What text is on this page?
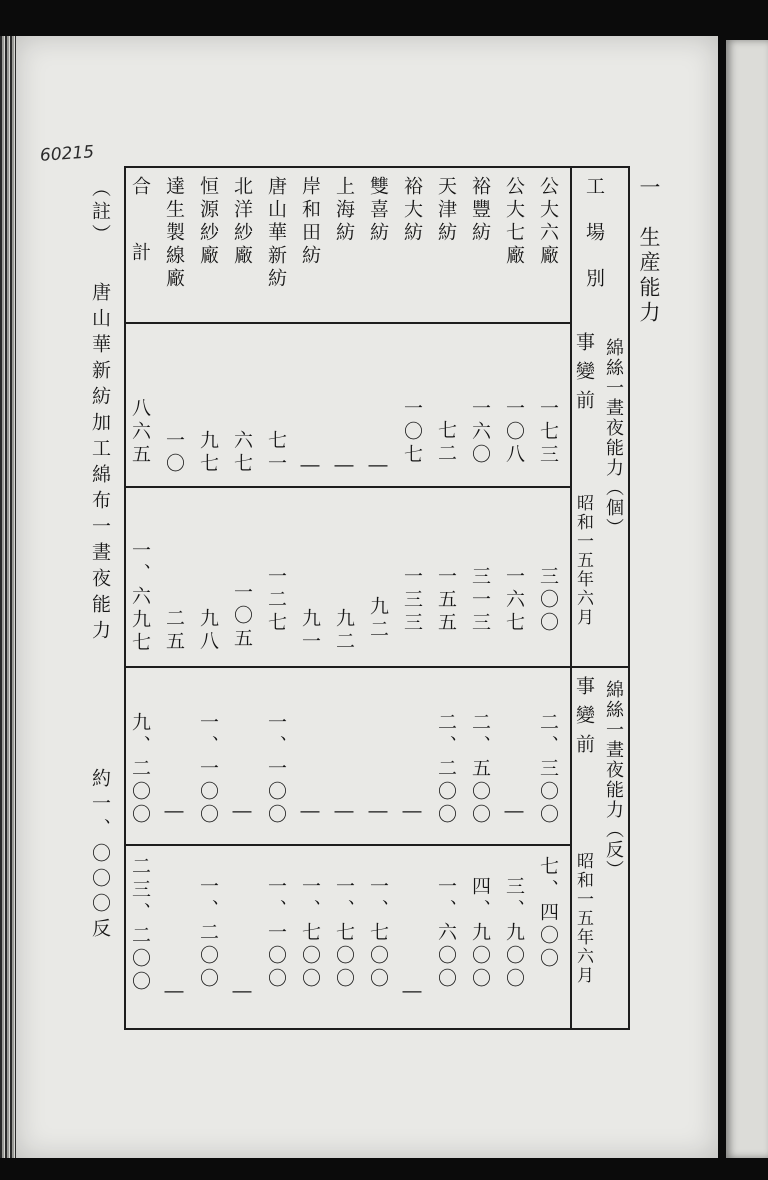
60215
一　生産能力
工　場　別
綿絲一晝夜能力（個）
綿絲一晝夜能力（反）
事變前
昭和一五年六月
事變前
昭和一五年六月
公大六廠
一七三
三〇〇
二、三〇〇
七、四〇〇
公大七廠
一〇八
一六七
―
三、九〇〇
裕豐紡
一六〇
三一三
二、五〇〇
四、九〇〇
天津紡
七二
一五五
二、二〇〇
一、六〇〇
裕大紡
一〇七
一三三
―
―
雙喜紡
―
九二
―
一、七〇〇
上海紡
―
九二
―
一、七〇〇
岸和田紡
―
九一
―
一、七〇〇
唐山華新紡
七一
一二七
一、一〇〇
一、一〇〇
北洋紗廠
六七
一〇五
―
―
恒源紗廠
九七
九八
一、一〇〇
一、二〇〇
達生製線廠
一〇
二五
―
―
合　計
八六五
一、六九七
九、二〇〇
二三、二〇〇
（註）
唐山華新紡加工綿布一晝夜能力
約一、〇〇〇反
